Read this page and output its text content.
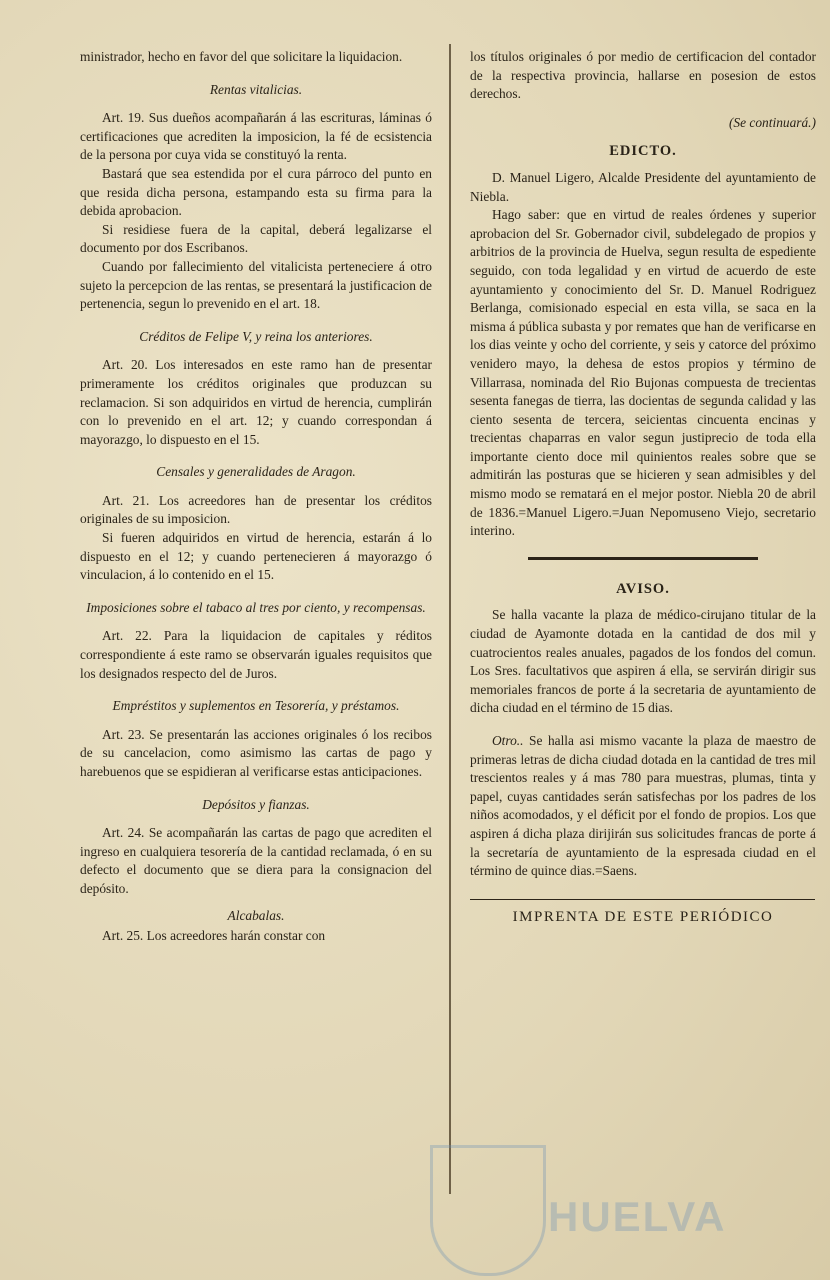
ministrador, hecho en favor del que solicitare la liquidacion.

Rentas vitalicias.

Art. 19. Sus dueños acompañarán á las escrituras, láminas ó certificaciones que acrediten la imposicion, la fé de ecsistencia de la persona por cuya vida se constituyó la renta.

Bastará que sea estendida por el cura párroco del punto en que resida dicha persona, estampando esta su firma para la debida aprobacion.

Si residiese fuera de la capital, deberá legalizarse el documento por dos Escribanos.

Cuando por fallecimiento del vitalicista perteneciere á otro sujeto la percepcion de las rentas, se presentará la justificacion de pertenencia, segun lo prevenido en el art. 18.

Créditos de Felipe V, y reina los anteriores.

Art. 20. Los interesados en este ramo han de presentar primeramente los créditos originales que produzcan su reclamacion. Si son adquiridos en virtud de herencia, cumplirán con lo prevenido en el art. 12; y cuando correspondan á mayorazgo, lo dispuesto en el 15.

Censales y generalidades de Aragon.

Art. 21. Los acreedores han de presentar los créditos originales de su imposicion.

Si fueren adquiridos en virtud de herencia, estarán á lo dispuesto en el 12; y cuando pertenecieren á mayorazgo ó vinculacion, á lo contenido en el 15.

Imposiciones sobre el tabaco al tres por ciento, y recompensas.

Art. 22. Para la liquidacion de capitales y réditos correspondiente á este ramo se observarán iguales requisitos que los designados respecto del de Juros.

Empréstitos y suplementos en Tesorería, y préstamos.

Art. 23. Se presentarán las acciones originales ó los recibos de su cancelacion, como asimismo las cartas de pago y harebuenos que se espidieran al verificarse estas anticipaciones.

Depósitos y fianzas.

Art. 24. Se acompañarán las cartas de pago que acrediten el ingreso en cualquiera tesorería de la cantidad reclamada, ó en su defecto el documento que se diera para la consignacion del depósito.

Alcabalas.

Art. 25. Los acreedores harán constar con

los títulos originales ó por medio de certificacion del contador de la respectiva provincia, hallarse en posesion de estos derechos.

(Se continuará.)

EDICTO.

D. Manuel Ligero, Alcalde Presidente del ayuntamiento de Niebla.

Hago saber: que en virtud de reales órdenes y superior aprobacion del Sr. Gobernador civil, subdelegado de propios y arbitrios de la provincia de Huelva, segun resulta de espediente seguido, con toda legalidad y en virtud de acuerdo de este ayuntamiento y conocimiento del Sr. D. Manuel Rodriguez Berlanga, comisionado especial en esta villa, se saca en la misma á pública subasta y por remates que han de verificarse en los dias veinte y ocho del corriente, y seis y catorce del próximo venidero mayo, la dehesa de estos propios y término de Villarrasa, nominada del Rio Bujonas compuesta de trecientas sesenta fanegas de tierra, las docientas de segunda calidad y las ciento sesenta de tercera, seicientas cincuenta encinas y trecientas chaparras en valor segun justiprecio de toda ella importante ciento doce mil quinientos reales sobre que se admitirán las posturas que se hicieren y sean admisibles y del mismo modo se rematará en el mejor postor. Niebla 20 de abril de 1836.=Manuel Ligero.=Juan Nepomuseno Viejo, secretario interino.

AVISO.

Se halla vacante la plaza de médico-cirujano titular de la ciudad de Ayamonte dotada en la cantidad de dos mil y cuatrocientos reales anuales, pagados de los fondos del comun. Los Sres. facultativos que aspiren á ella, se servirán dirigir sus memoriales francos de porte á la secretaria de ayuntamiento de dicha ciudad en el término de 15 dias.

Otro.. Se halla asi mismo vacante la plaza de maestro de primeras letras de dicha ciudad dotada en la cantidad de tres mil trescientos reales y á mas 780 para muestras, plumas, tinta y papel, cuyas cantidades serán satisfechas por los padres de los niños acomodados, y el déficit por el fondo de propios. Los que aspiren á dicha plaza dirijirán sus solicitudes francas de porte á la secretaría de ayuntamiento de la espresada ciudad en el término de quince dias.=Saens.

IMPRENTA DE ESTE PERIÓDICO

HUELVA
